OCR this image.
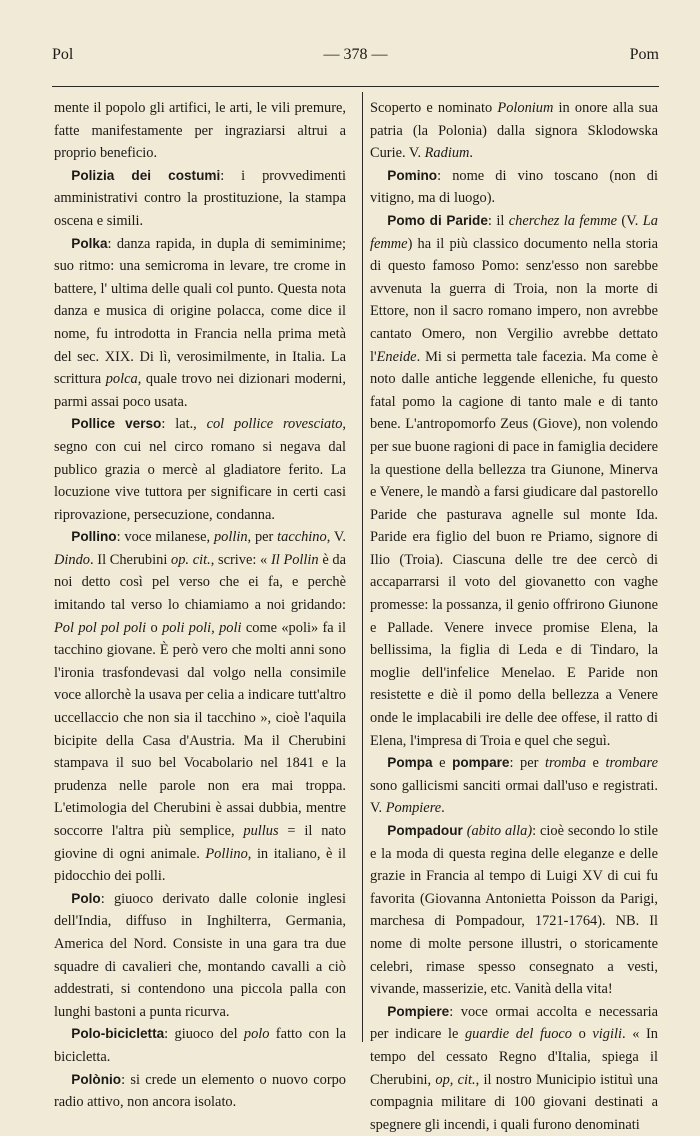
Pol	— 378 —	Pom

mente il popolo gli artifici, le arti, le vili premure, fatte manifestamente per ingraziarsi altrui a proprio beneficio.

Polizia dei costumi: i provvedimenti amministrativi contro la prostituzione, la stampa oscena e simili.

Polka: danza rapida, in dupla di semiminime; suo ritmo: una semicroma in levare, tre crome in battere, l' ultima delle quali col punto. Questa nota danza e musica di origine polacca, come dice il nome, fu introdotta in Francia nella prima metà del sec. XIX. Di lì, verosimilmente, in Italia. La scrittura polca, quale trovo nei dizionari moderni, parmi assai poco usata.

Pollice verso: lat., col pollice rovesciato, segno con cui nel circo romano si negava dal publico grazia o mercè al gladiatore ferito. La locuzione vive tuttora per significare in certi casi riprovazione, persecuzione, condanna.

Pollino: voce milanese, pollin, per tacchino, V. Dindo. Il Cherubini op. cit., scrive: « Il Pollin è da noi detto così pel verso che ei fa, e perchè imitando tal verso lo chiamiamo a noi gridando: Pol pol pol poli o poli poli, poli come «poli» fa il tacchino giovane. È però vero che molti anni sono l'ironia trasfondevasi dal volgo nella consimile voce allorchè la usava per celia a indicare tutt'altro uccellaccio che non sia il tacchino », cioè l'aquila bicipite della Casa d'Austria. Ma il Cherubini stampava il suo bel Vocabolario nel 1841 e la prudenza nelle parole non era mai troppa. L'etimologia del Cherubini è assai dubbia, mentre soccorre l'altra più semplice, pullus = il nato giovine di ogni animale. Pollino, in italiano, è il pidocchio dei polli.

Polo: giuoco derivato dalle colonie inglesi dell'India, diffuso in Inghilterra, Germania, America del Nord. Consiste in una gara tra due squadre di cavalieri che, montando cavalli a ciò addestrati, si contendono una piccola palla con lunghi bastoni a punta ricurva.

Polo-bicicletta: giuoco del polo fatto con la bicicletta.

Polònio: si crede un elemento o nuovo corpo radio attivo, non ancora isolato.

Scoperto e nominato Polonium in onore alla sua patria (la Polonia) dalla signora Sklodowska Curie. V. Radium.

Pomino: nome di vino toscano (non di vitigno, ma di luogo).

Pomo di Paride: il cherchez la femme (V. La femme) ha il più classico documento nella storia di questo famoso Pomo: senz'esso non sarebbe avvenuta la guerra di Troia, non la morte di Ettore, non il sacro romano impero, non avrebbe cantato Omero, non Vergilio avrebbe dettato l'Eneide. Mi si permetta tale facezia. Ma come è noto dalle antiche leggende elleniche, fu questo fatal pomo la cagione di tanto male e di tanto bene. L'antropomorfo Zeus (Giove), non volendo per sue buone ragioni di pace in famiglia decidere la questione della bellezza tra Giunone, Minerva e Venere, le mandò a farsi giudicare dal pastorello Paride che pasturava agnelle sul monte Ida. Paride era figlio del buon re Priamo, signore di Ilio (Troia). Ciascuna delle tre dee cercò di accaparrarsi il voto del giovanetto con vaghe promesse: la possanza, il genio offrirono Giunone e Pallade. Venere invece promise Elena, la bellissima, la figlia di Leda e di Tindaro, la moglie dell'infelice Menelao. E Paride non resistette e diè il pomo della bellezza a Venere onde le implacabili ire delle dee offese, il ratto di Elena, l'impresa di Troia e quel che seguì.

Pompa e pompare: per tromba e trombare sono gallicismi sanciti ormai dall'uso e registrati. V. Pompiere.

Pompadour (abito alla): cioè secondo lo stile e la moda di questa regina delle eleganze e delle grazie in Francia al tempo di Luigi XV di cui fu favorita (Giovanna Antonietta Poisson da Parigi, marchesa di Pompadour, 1721-1764). NB. Il nome di molte persone illustri, o storicamente celebri, rimase spesso consegnato a vesti, vivande, masserizie, etc. Vanità della vita!

Pompiere: voce ormai accolta e necessaria per indicare le guardie del fuoco o vigili. « In tempo del cessato Regno d'Italia, spiega il Cherubini, op, cit., il nostro Municipio istituì una compagnia militare di 100 giovani destinati a spegnere gli incendi, i quali furono denominati
